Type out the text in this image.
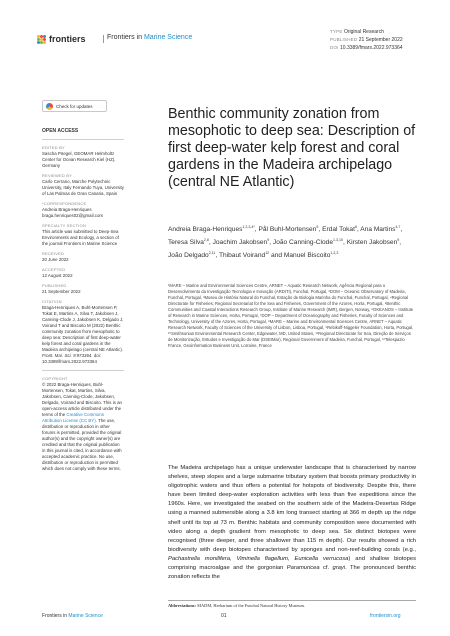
frontiers	Frontiers in Marine Science
TYPE Original Research
PUBLISHED 21 September 2022
DOI 10.3389/fmars.2022.973364
Check for updates
OPEN ACCESS
EDITED BY
Sascha Pöegel, GEOMAR Helmholtz Center for Ocean Research Kiel (HZ), Germany
REVIEWED BY
Carlo Cerrano, Marche Polytechnic University, Italy Fernando Tuya, University of Las Palmas de Gran Canaria, Spain
*CORRESPONDENCE
Andreia Braga-Henriques braga.henriques02@gmail.com
SPECIALTY SECTION
This article was submitted to Deep-Sea Environments and Ecology, a section of the journal Frontiers in Marine Science
RECEIVED
20 June 2022
ACCEPTED
12 August 2022
PUBLISHED
21 September 2022
CITATION
Braga-Henriques A, Buhl-Mortensen P, Tokat E, Martins A, Silva T, Jakobsen J, Canning-Clode J, Jakobsen K, Delgado J, Voirand T and Biscoito M (2022) Benthic community zonation from mesophotic to deep sea: Description of first deep-water kelp forest and coral gardens in the Madeira archipelago (central NE Atlantic). Front. Mar. Sci. 9:973364. doi: 10.3389/fmars.2022.973364
COPYRIGHT
© 2022 Braga-Henriques, Buhl-Mortensen, Tokat, Martins, Silva, Jakobsen, Canning-Clode, Jakobsen, Delgado, Voirand and Biscoito. This is an open-access article distributed under the terms of the Creative Commons Attribution License (CC BY). The use, distribution or reproduction in other forums is permitted, provided the original author(s) and the copyright owner(s) are credited and that the original publication in this journal is cited, in accordance with accepted academic practice. No use, distribution or reproduction is permitted which does not comply with these terms.
Benthic community zonation from mesophotic to deep sea: Description of first deep-water kelp forest and coral gardens in the Madeira archipelago (central NE Atlantic)
Andreia Braga-Henriques$^{1,2,3,4*}$, Pål Buhl-Mortensen$^5$, Erdal Tokat$^6$, Ana Martins$^{4,7}$, Teresa Silva$^{2,8}$, Joachim Jakobsen$^9$, João Canning-Clode$^{1,3,10}$, Kirsten Jakobsen$^9$, João Delgado$^{2,11}$, Thibaut Voirand$^{12}$ and Manuel Biscoito$^{1,2,3}$
¹MARE – Marine and Environmental Sciences Centre, ARNET – Aquatic Research Network, Agência Regional para o Desenvolvimento da Investigação Tecnologia e Inovação (ARDITI), Funchal, Portugal, ²DOM – Oceanic Observatory of Madeira, Funchal, Portugal, ³Museu de História Natural do Funchal, Estação de Biologia Marinha do Funchal, Funchal, Portugal, ⁴Regional Directorate for Fisheries, Regional Secretariat for the Sea and Fisheries, Government of the Azores, Horta, Portugal, ⁵Benthic Communities and Coastal Interactions Research Group, Institute of Marine Research (IMR), Bergen, Norway, ⁶OKEANOS – Institute of Research in Marine Sciences, Horta, Portugal, ⁷DOP – Department of Oceanography and Fisheries, Faculty of Sciences and Technology, University of the Azores, Horta, Portugal, ⁸MARE – Marine and Environmental Sciences Centre, ARNET – Aquatic Research Network, Faculty of Sciences of the University of Lisbon, Lisboa, Portugal, ⁹Rebikoff-Niggeler Foundation, Horta, Portugal, ¹⁰Smithsonian Environmental Research Center, Edgewater, MD, United States, ¹¹Regional Directorate for Sea, Direção de Serviços de Monitorização, Estudos e Investigação do Mar (DSEIMar), Regional Government of Madeira, Funchal, Portugal, ¹²Telespazio France, Geoinformation Business Unit, Lorraine, France
The Madeira archipelago has a unique underwater landscape that is characterised by narrow shelves, steep slopes and a large submarine tributary system that boosts primary productivity in oligotrophic waters and thus offers a potential for hotspots of biodiversity. Despite this, there have been limited deep-water exploration activities with less than five expeditions since the 1960s. Here, we investigated the seabed on the southern side of the Madeira-Desertas Ridge using a manned submersible along a 3.8 km long transect starting at 366 m depth up the ridge shelf until its top at 73 m. Benthic habitats and community composition were documented with video along a depth gradient from mesophotic to deep sea. Six distinct biotopes were recognised (three deeper, and three shallower than 115 m depth). Our results showed a rich biodiversity with deep biotopes characterised by sponges and non-reef-building corals (e.g., Pachastrella monilifera, Viminella flagellum, Eunicella verrucosa) and shallow biotopes comprising macroalgae and the gorgonian Paramuricea cf. grayi. The pronounced benthic zonation reflects the
Abbreviations: MADM, Herbarium of the Funchal Natural History Museum.
Frontiers in Marine Science	01	frontiersin.org
